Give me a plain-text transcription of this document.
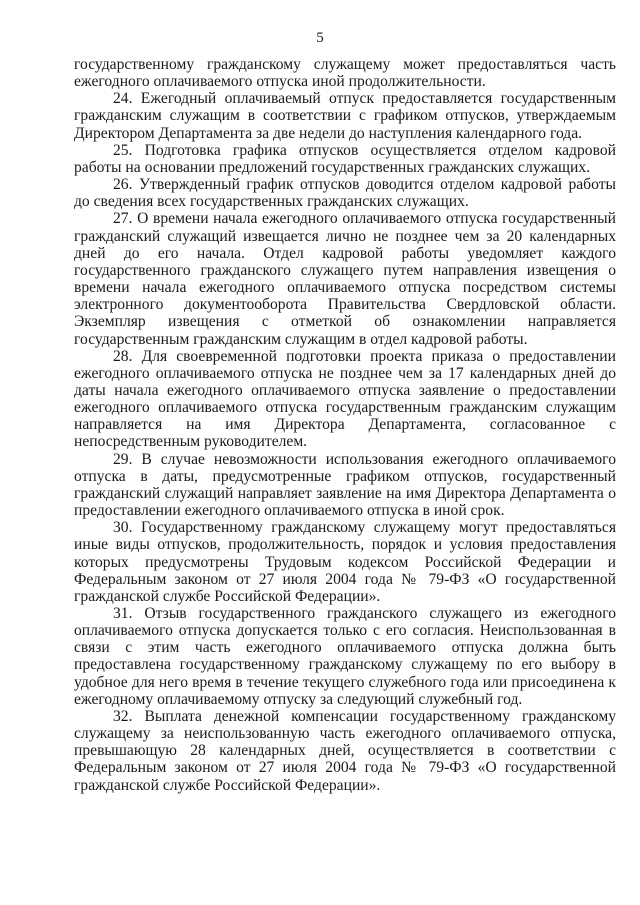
5

государственному гражданскому служащему может предоставляться часть ежегодного оплачиваемого отпуска иной продолжительности.

24. Ежегодный оплачиваемый отпуск предоставляется государственным гражданским служащим в соответствии с графиком отпусков, утверждаемым Директором Департамента за две недели до наступления календарного года.

25. Подготовка графика отпусков осуществляется отделом кадровой работы на основании предложений государственных гражданских служащих.

26. Утвержденный график отпусков доводится отделом кадровой работы до сведения всех государственных гражданских служащих.

27. О времени начала ежегодного оплачиваемого отпуска государственный гражданский служащий извещается лично не позднее чем за 20 календарных дней до его начала. Отдел кадровой работы уведомляет каждого государственного гражданского служащего путем направления извещения о времени начала ежегодного оплачиваемого отпуска посредством системы электронного документооборота Правительства Свердловской области. Экземпляр извещения с отметкой об ознакомлении направляется государственным гражданским служащим в отдел кадровой работы.

28. Для своевременной подготовки проекта приказа о предоставлении ежегодного оплачиваемого отпуска не позднее чем за 17 календарных дней до даты начала ежегодного оплачиваемого отпуска заявление о предоставлении ежегодного оплачиваемого отпуска государственным гражданским служащим направляется на имя Директора Департамента, согласованное с непосредственным руководителем.

29. В случае невозможности использования ежегодного оплачиваемого отпуска в даты, предусмотренные графиком отпусков, государственный гражданский служащий направляет заявление на имя Директора Департамента о предоставлении ежегодного оплачиваемого отпуска в иной срок.

30. Государственному гражданскому служащему могут предоставляться иные виды отпусков, продолжительность, порядок и условия предоставления которых предусмотрены Трудовым кодексом Российской Федерации и Федеральным законом от 27 июля 2004 года № 79-ФЗ «О государственной гражданской службе Российской Федерации».

31. Отзыв государственного гражданского служащего из ежегодного оплачиваемого отпуска допускается только с его согласия. Неиспользованная в связи с этим часть ежегодного оплачиваемого отпуска должна быть предоставлена государственному гражданскому служащему по его выбору в удобное для него время в течение текущего служебного года или присоединена к ежегодному оплачиваемому отпуску за следующий служебный год.

32. Выплата денежной компенсации государственному гражданскому служащему за неиспользованную часть ежегодного оплачиваемого отпуска, превышающую 28 календарных дней, осуществляется в соответствии с Федеральным законом от 27 июля 2004 года № 79-ФЗ «О государственной гражданской службе Российской Федерации».
